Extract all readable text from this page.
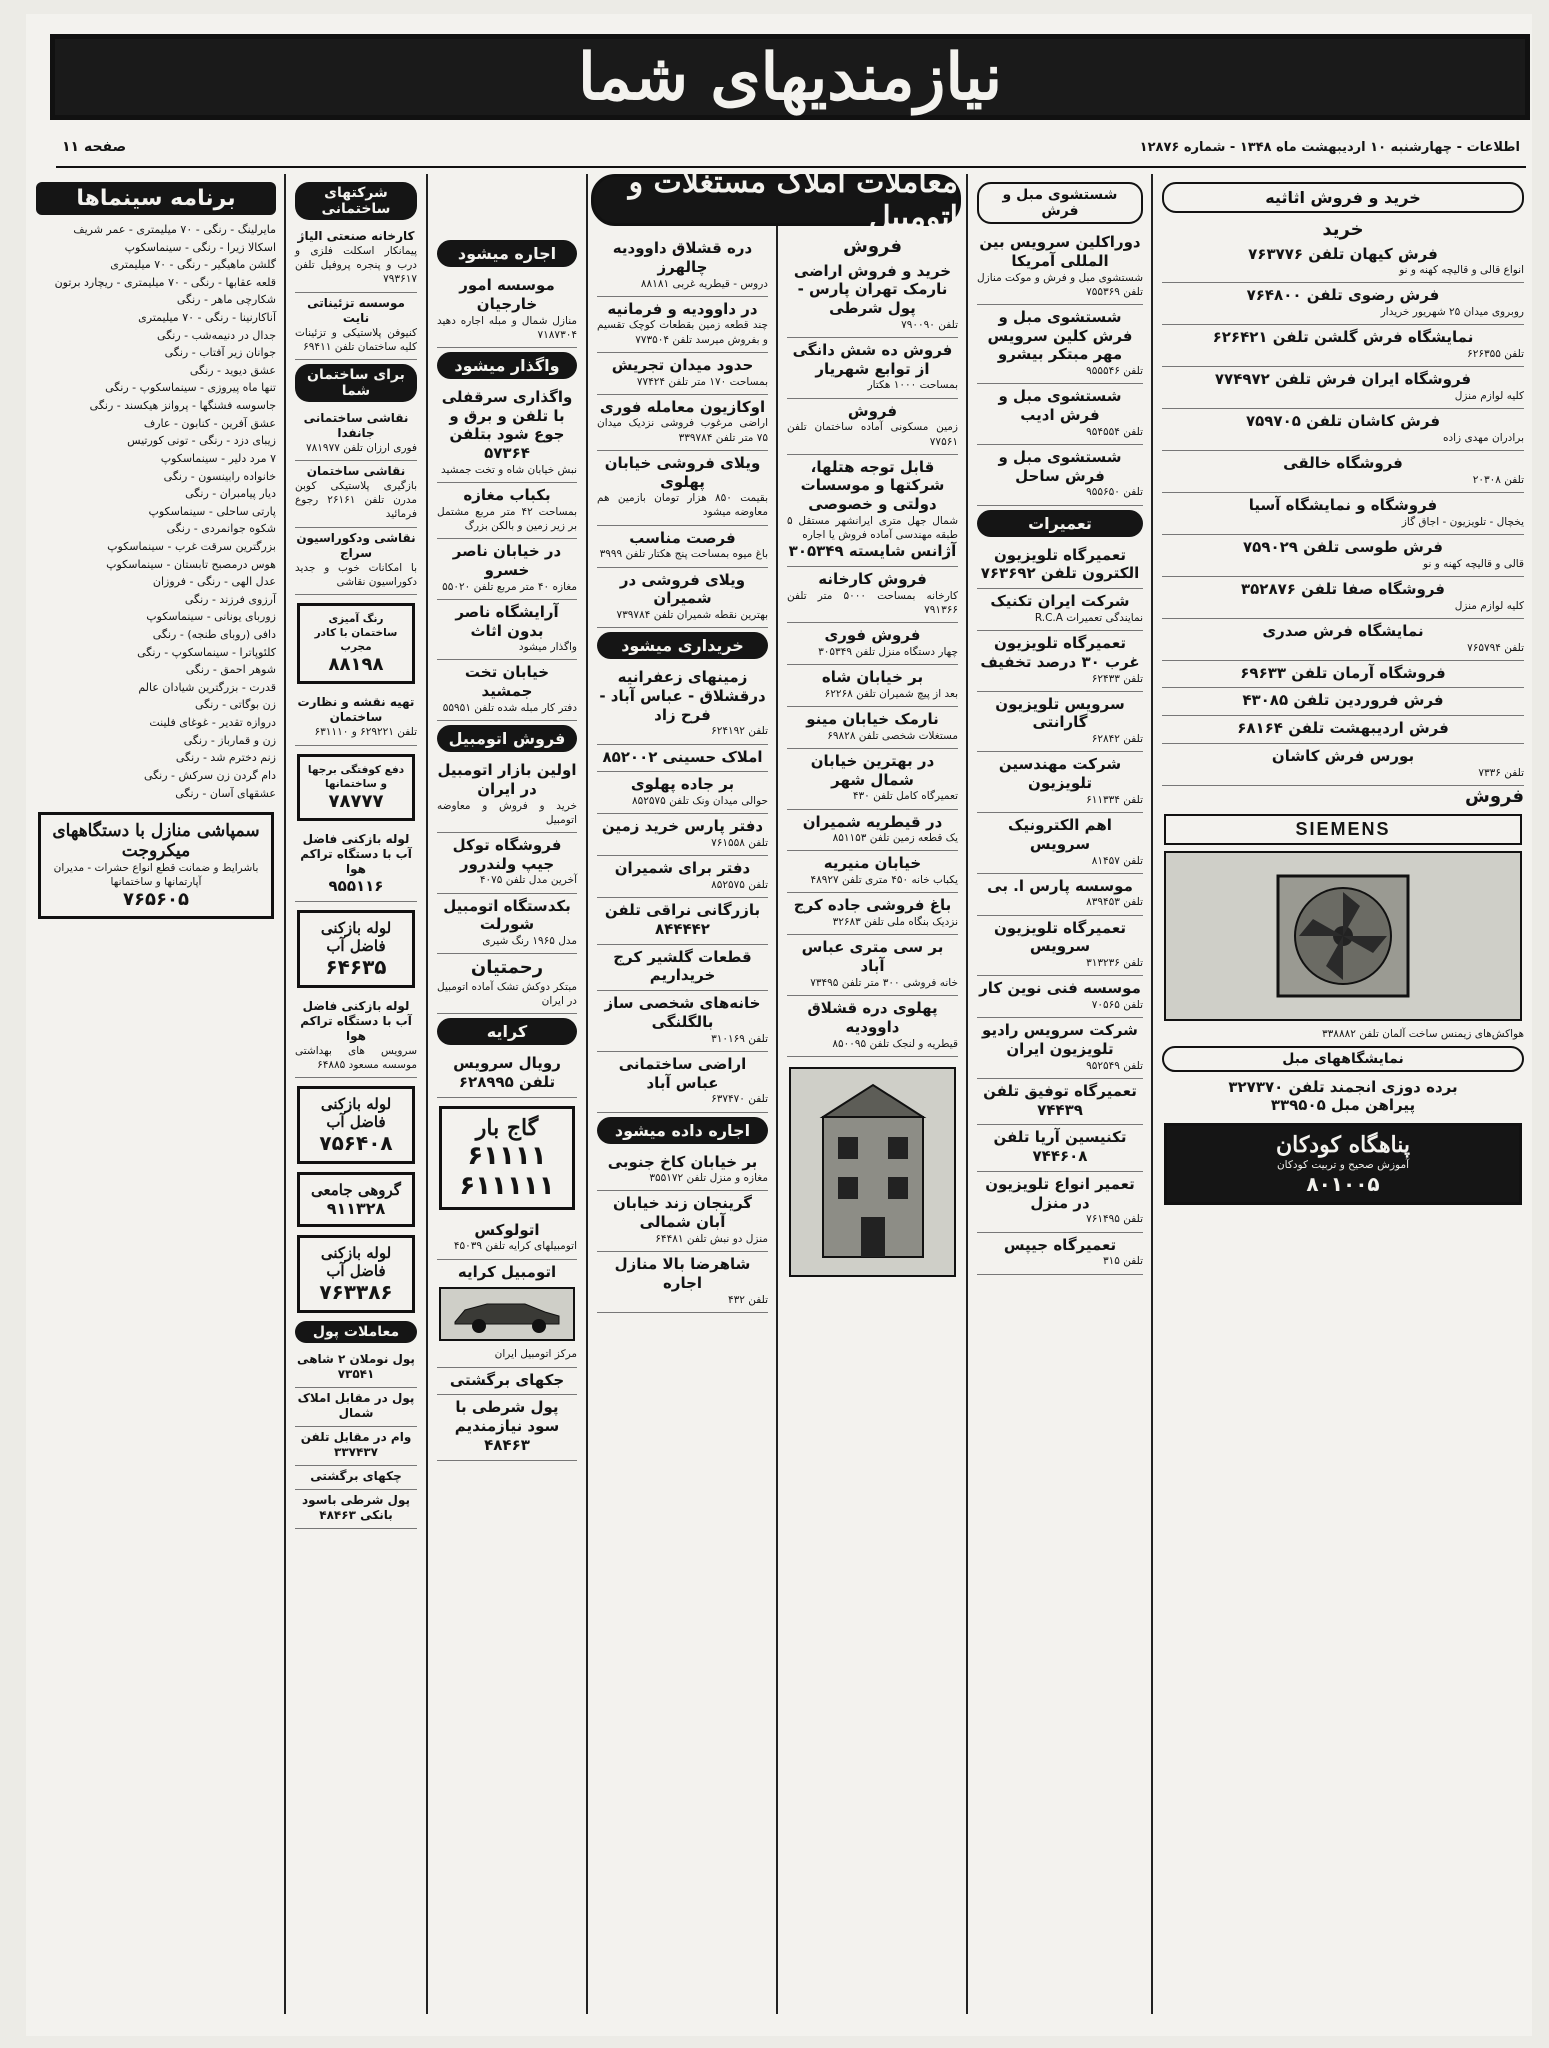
نیازمندیهای شما
اطلاعات - چهارشنبه ۱۰ اردیبهشت ماه ۱۳۴۸ - شماره ۱۲۸۷۶
صفحه ۱۱
معاملات املاک مستغلات و اتومبیل
خرید و فروش اثاثیه
خرید
فرش کیهان تلفن ۷۶۳۷۷۶
انواع قالی و قالیچه کهنه و نو
فرش رضوی تلفن ۷۶۴۸۰۰
روبروی میدان ۲۵ شهریور خریدار
نمایشگاه فرش گلشن تلفن ۶۲۶۴۲۱
تلفن ۶۲۶۳۵۵
فروشگاه ایران فرش تلفن ۷۷۴۹۷۲
کلیه لوازم منزل
فرش کاشان تلفن ۷۵۹۷۰۵
برادران مهدی زاده
فروشگاه خالقی
تلفن ۲۰۳۰۸
فروشگاه و نمایشگاه آسیا
یخچال - تلویزیون - اجاق گاز
فرش طوسی تلفن ۷۵۹۰۲۹
قالی و قالیچه کهنه و نو
فروشگاه صفا تلفن ۳۵۲۸۷۶
کلیه لوازم منزل
نمایشگاه فرش صدری
تلفن ۷۶۵۷۹۴
فروشگاه آرمان تلفن ۶۹۶۳۳
فرش فروردین تلفن ۴۳۰۸۵
فرش اردیبهشت تلفن ۶۸۱۶۴
بورس فرش کاشان
تلفن ۷۳۳۶
فروش
SIEMENS
هواکش‌های زیمنس ساخت آلمان تلفن ۳۳۸۸۸۲
نمایشگاههای مبل
برده دوزی انجمند تلفن ۳۲۷۳۷۰
پیراهن مبل ۳۳۹۵۰۵
پناهگاه کودکان
آموزش صحیح و تربیت کودکان
۸۰۱۰۰۵
شستشوی مبل و فرش
دوراکلین سرویس بین المللی آمریکا
شستشوی مبل و فرش و موکت منازل تلفن ۷۵۵۳۶۹
شستشوی مبل و فرش کلین سرویس مهر مبتکر بیشرو
تلفن ۹۵۵۵۴۶
شستشوی مبل و فرش ادیب
تلفن ۹۵۴۵۵۴
شستشوی مبل و فرش ساحل
تلفن ۹۵۵۶۵۰
تعمیرات
تعمیرگاه تلویزیون الکترون تلفن ۷۶۳۶۹۲
شرکت ایران تکنیک
نمایندگی تعمیرات R.C.A
تعمیرگاه تلویزیون غرب ۳۰ درصد تخفیف
تلفن ۶۲۴۳۳
سرویس تلویزیون گارانتی
تلفن ۶۲۸۴۲
شرکت مهندسین تلویزیون
تلفن ۶۱۱۳۳۴
اهم الکترونیک سرویس
تلفن ۸۱۴۵۷
موسسه پارس ا. بی
تلفن ۸۳۹۴۵۳
تعمیرگاه تلویزیون سرویس
تلفن ۳۱۳۲۳۶
موسسه فنی نوین کار
تلفن ۷۰۵۶۵
شرکت سرویس رادیو تلویزیون ایران
تلفن ۹۵۲۵۴۹
تعمیرگاه توفیق تلفن ۷۴۴۳۹
تکنیسین آریا تلفن ۷۴۴۶۰۸
تعمیر انواع تلویزیون در منزل
تلفن ۷۶۱۴۹۵
تعمیرگاه جیپس
تلفن ۳۱۵
فروش
خرید و فروش اراضی نارمک تهران پارس - پول شرطی
تلفن ۷۹۰۰۹۰
فروش ده شش دانگی از توابع شهریار
بمساحت ۱۰۰۰ هکتار
فروش
زمین مسکونی آماده ساختمان تلفن ۷۷۵۶۱
قابل توجه هتلها، شرکتها و موسسات دولتی و خصوصی
شمال جهل متری ایرانشهر مستقل ۵ طبقه مهندسی آماده فروش یا اجاره
آژانس شایسته ۳۰۵۳۴۹
فروش کارخانه
کارخانه بمساحت ۵۰۰۰ متر تلفن ۷۹۱۳۶۶
فروش فوری
چهار دستگاه منزل تلفن ۳۰۵۳۴۹
بر خیابان شاه
بعد از پیچ شمیران تلفن ۶۲۲۶۸
نارمک خیابان مینو
مستغلات شخصی تلفن ۶۹۸۲۸
در بهترین خیابان شمال شهر
تعمیرگاه کامل تلفن ۴۳۰
در قیطریه شمیران
یک قطعه زمین تلفن ۸۵۱۱۵۳
خیابان منیریه
یکباب خانه ۴۵۰ متری تلفن ۴۸۹۲۷
باغ فروشی جاده کرج
نزدیک بنگاه ملی تلفن ۳۲۶۸۳
بر سی متری عباس آباد
خانه فروشی ۳۰۰ متر تلفن ۷۳۴۹۵
پهلوی دره قشلاق داوودیه
قیطریه و لنجک تلفن ۸۵۰۰۹۵
دره قشلاق داوودیه چالهرز
دروس - قیطریه غربی ۸۸۱۸۱
در داوودیه و فرمانیه
چند قطعه زمین بقطعات کوچک تقسیم و بفروش میرسد تلفن ۷۷۳۵۰۴
حدود میدان تجریش
بمساحت ۱۷۰ متر تلفن ۷۷۴۲۴
اوکازیون معامله فوری
اراضی مرغوب فروشی نزدیک میدان ۷۵ متر تلفن ۳۳۹۷۸۴
ویلای فروشی خیابان پهلوی
بقیمت ۸۵۰ هزار تومان بازمین هم معاوضه میشود
فرصت مناسب
باغ میوه بمساحت پنج هکتار تلفن ۳۹۹۹
ویلای فروشی در شمیران
بهترین نقطه شمیران تلفن ۷۳۹۷۸۴
خریداری میشود
زمینهای زعفرانیه درقشلاق - عباس آباد - فرح زاد
تلفن ۶۲۴۱۹۲
املاک حسینی ۸۵۲۰۰۲
بر جاده پهلوی
حوالی میدان ونک تلفن ۸۵۲۵۷۵
دفتر پارس خرید زمین
تلفن ۷۶۱۵۵۸
دفتر برای شمیران
تلفن ۸۵۲۵۷۵
بازرگانی نراقی تلفن ۸۴۴۴۴۲
قطعات گلشیر کرج خریداریم
خانه‌های شخصی ساز بالگلنگی
تلفن ۳۱۰۱۶۹
اراضی ساختمانی عباس آباد
تلفن ۶۳۷۴۷۰
اجاره داده میشود
بر خیابان کاخ جنوبی
مغازه و منزل تلفن ۳۵۵۱۷۲
گرینجان زند خیابان آبان شمالی
منزل دو نبش تلفن ۶۴۴۸۱
شاهرضا بالا منازل اجاره
تلفن ۴۳۲
اجاره میشود
موسسه امور خارجیان
منازل شمال و مبله اجاره دهید ۷۱۸۷۳۰۴
واگذار میشود
واگذاری سرقفلی با تلفن و برق و جوع شود بتلفن ۵۷۳۶۴
نبش خیابان شاه و تخت جمشید
بکباب مغازه
بمساحت ۴۲ متر مربع مشتمل بر زیر زمین و بالکن بزرگ
در خیابان ناصر خسرو
مغازه ۴۰ متر مربع تلفن ۵۵۰۲۰
آرایشگاه ناصر بدون اثاث
واگذار میشود
خیابان تخت جمشید
دفتر کار مبله شده تلفن ۵۵۹۵۱
فروش اتومبیل
اولین بازار اتومبیل در ایران
خرید و فروش و معاوضه اتومبیل
فروشگاه توکل جیپ ولندرور
آخرین مدل تلفن ۴۰۷۵
بکدستگاه اتومبیل شورلت
مدل ۱۹۶۵ رنگ شیری
رحمتیان
مبتکر دوکش تشک آماده اتومبیل در ایران
کرایه
رویال سرویس تلفن ۶۲۸۹۹۵
گاج بار
۶۱۱۱۱
۶۱۱۱۱۱
اتولوکس
اتومبیلهای کرایه تلفن ۴۵۰۳۹
اتومبیل کرایه
مرکز اتومبیل ایران
جکهای برگشتی
پول شرطی با سود نیازمندیم ۴۸۴۶۳
شرکتهای ساختمانی
کارخانه صنعتی الیاژ
پیمانکار اسکلت فلزی و درب و پنجره پروفیل تلفن ۷۹۳۶۱۷
موسسه تزئیناتی نایت
کنیوفن پلاستیکی و تزئینات کلیه ساختمان تلفن ۶۹۴۱۱
برای ساختمان شما
نقاشی ساختمانی جانفدا
فوری ارزان تلفن ۷۸۱۹۷۷
نقاشی ساختمان
بازگیری پلاستیکی کوبن مدرن تلفن ۲۶۱۶۱ رجوع فرمائید
نقاشی ودکوراسیون سراج
با امکانات خوب و جدید دکوراسیون نقاشی
رنگ آمیزی ساختمان با کادر مجرب
۸۸۱۹۸
تهیه نقشه و نظارت ساختمان
تلفن ۶۲۹۲۲۱ و ۶۳۱۱۱۰
دفع کوفتگی برجها و ساختمانها
۷۸۷۷۷
لوله بازکنی فاضل آب با دستگاه تراکم هوا
۹۵۵۱۱۶
لوله بازکنی فاضل آب
۶۴۶۳۵
لوله بازکنی فاضل آب با دستگاه تراکم هوا
سرویس های بهداشتی موسسه مسعود ۶۴۸۸۵
لوله بازکنی فاضل آب
۷۵۶۴۰۸
گروهی جامعی
۹۱۱۳۲۸
لوله بازکنی فاضل آب
۷۶۳۳۸۶
معاملات پول
پول نوملان ۲ شاهی ۷۳۵۴۱
پول در مقابل املاک شمال
وام در مقابل تلفن ۳۳۷۴۳۷
چکهای برگشتی
پول شرطی باسود بانکی ۴۸۴۶۳
برنامه سینماها
مایرلینگ - رنگی - ۷۰ میلیمتری - عمر شریف
اسکالا زیرا - رنگی - سینماسکوپ
گلشن ماهیگیر - رنگی - ۷۰ میلیمتری
قلعه عقابها - رنگی - ۷۰ میلیمتری - ریچارد برتون
شکارچی ماهر - رنگی
آناکارنینا - رنگی - ۷۰ میلیمتری
جدال در دنیمه‌شب - رنگی
جوانان زیر آفتاب - رنگی
عشق دیوید - رنگی
تنها ماه پیروزی - سینماسکوپ - رنگی
جاسوسه فشنگها - پروانز هیکسند - رنگی
عشق آفرین - کنابون - عارف
زیبای دزد - رنگی - تونی کورتیس
۷ مرد دلیر - سینماسکوپ
خانواده رابینسون - رنگی
دیار پیامبران - رنگی
پارتی ساحلی - سینماسکوپ
شکوه جوانمردی - رنگی
بزرگترین سرقت غرب - سینماسکوپ
هوس درمصبح تابستان - سینماسکوپ
عدل الهی - رنگی - فروزان
آرزوی فرزند - رنگی
زوربای یونانی - سینماسکوپ
دافی (روبای طنجه) - رنگی
کلئوپاترا - سینماسکوپ - رنگی
شوهر احمق - رنگی
قدرت - بزرگترین شیادان عالم
زن بوگاتی - رنگی
دروازه تقدیر - غوغای فلینت
زن و قمارباز - رنگی
زنم دخترم شد - رنگی
دام گردن زن سرکش - رنگی
عشقهای آسان - رنگی
سمپاشی منازل با دستگاههای میکروجت
باشرایط و ضمانت قطع انواع حشرات - مدیران آپارتمانها و ساختمانها
۷۶۵۶۰۵
